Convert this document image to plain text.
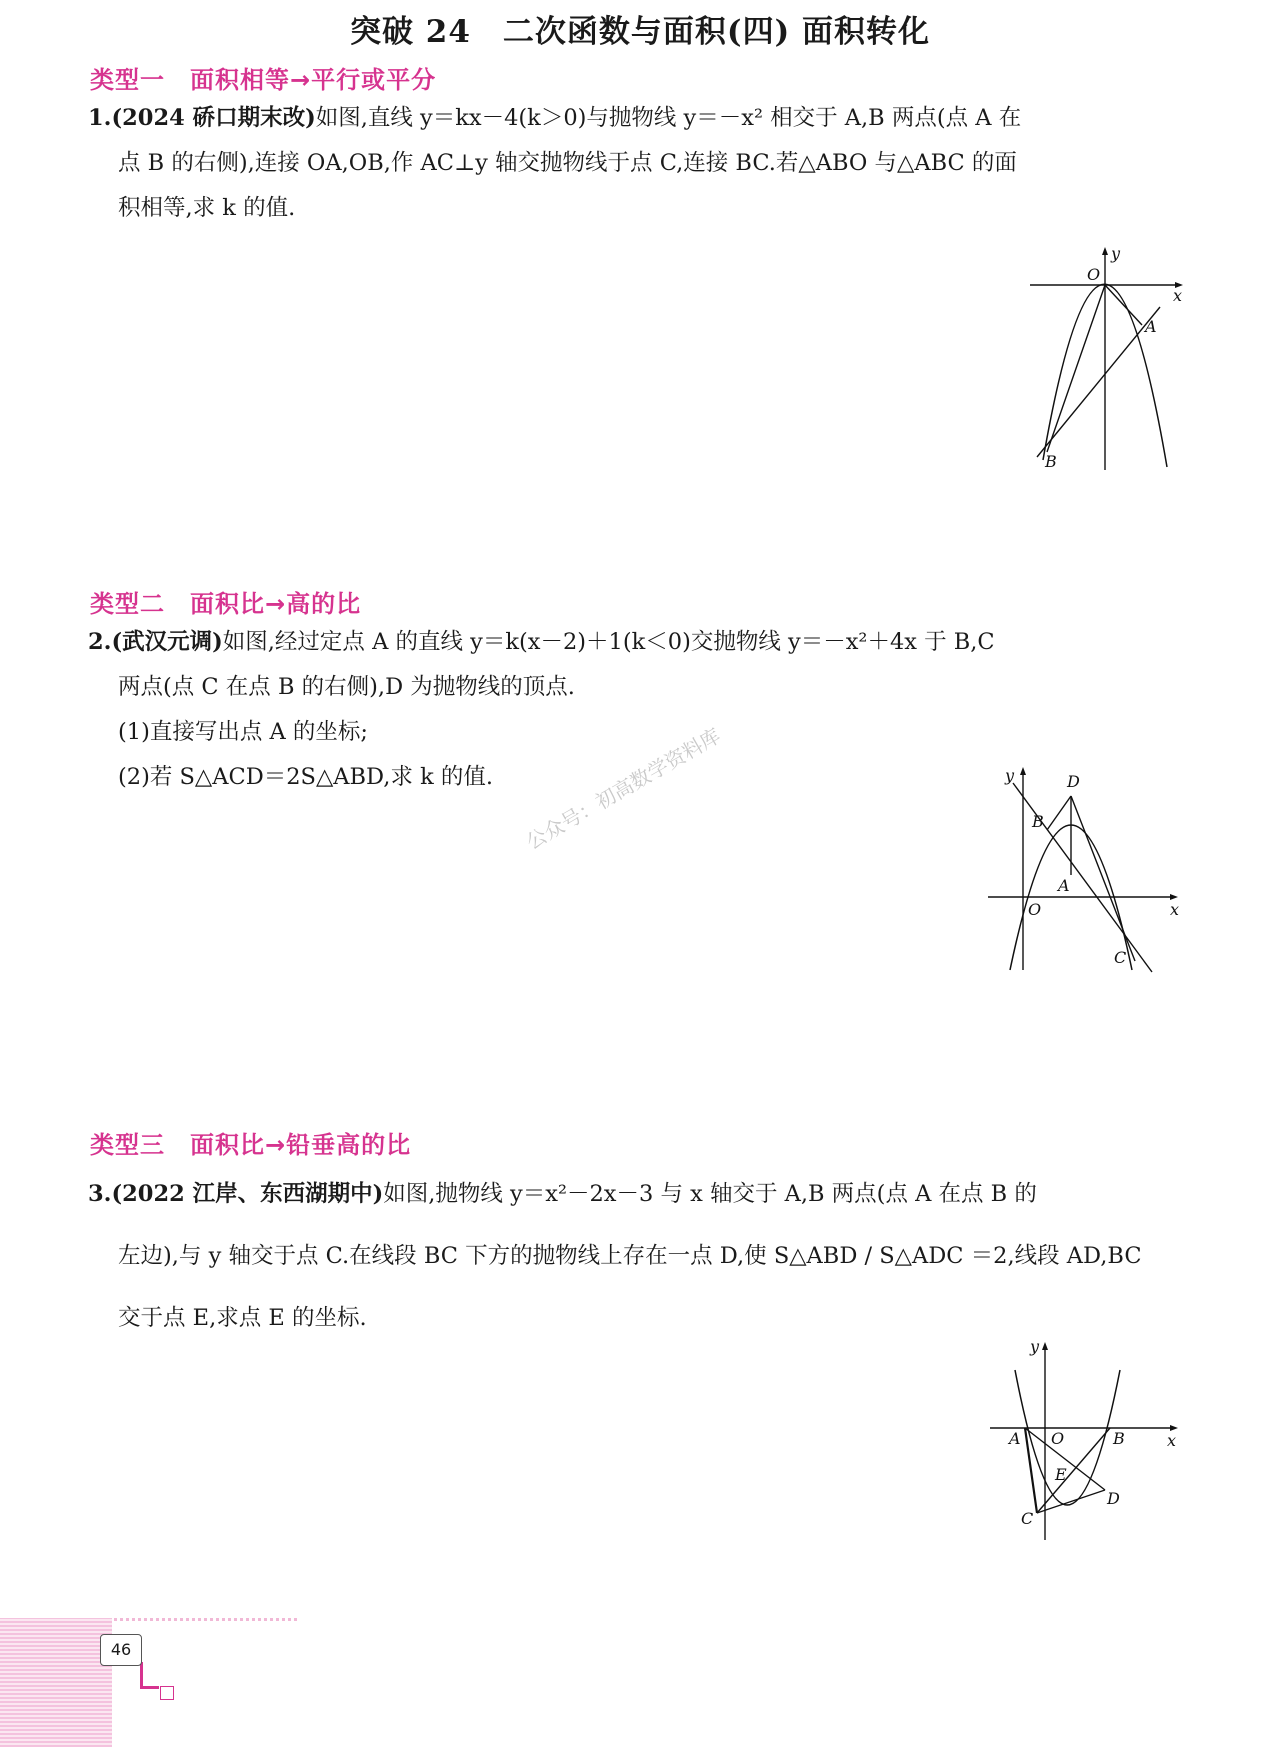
突破 24　二次函数与面积(四) 面积转化
类型一　面积相等→平行或平分
1.(2024 硚口期末改)如图,直线 y＝kx－4(k＞0)与抛物线 y＝－x² 相交于 A,B 两点(点 A 在
点 B 的右侧),连接 OA,OB,作 AC⊥y 轴交抛物线于点 C,连接 BC.若△ABO 与△ABC 的面
积相等,求 k 的值.
y
O
x
A
B
类型二　面积比→高的比
2.(武汉元调)如图,经过定点 A 的直线 y＝k(x－2)＋1(k＜0)交抛物线 y＝－x²＋4x 于 B,C
两点(点 C 在点 B 的右侧),D 为抛物线的顶点.
(1)直接写出点 A 的坐标;
(2)若 S△ACD＝2S△ABD,求 k 的值.	y	D
B
A
O	x
C
类型三　面积比→铅垂高的比
3.(2022 江岸、东西湖期中)如图,抛物线 y＝x²－2x－3 与 x 轴交于 A,B 两点(点 A 在点 B 的
左边),与 y 轴交于点 C.在线段 BC 下方的抛物线上存在一点 D,使 S△ABD / S△ADC ＝2,线段 AD,BC
交于点 E,求点 E 的坐标.
y
A O	B	x
E
D
C
公众号：初高数学资料库
46
